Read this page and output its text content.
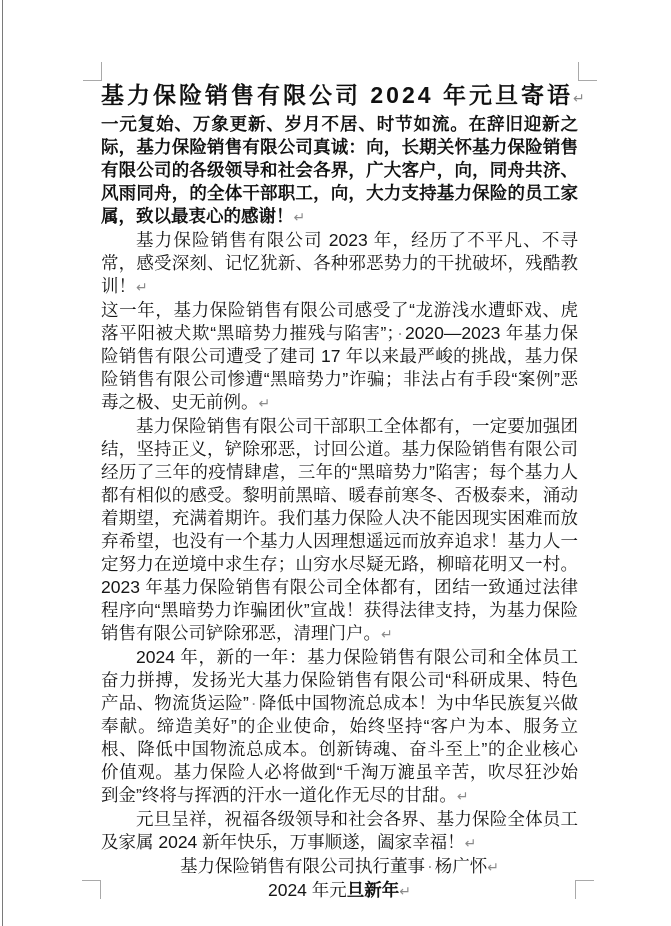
基力保险销售有限公司 2024 年元旦寄语↵

一元复始、万象更新、岁月不居、时节如流。在辞旧迎新之际，基力保险销售有限公司真诚：向，长期关怀基力保险销售有限公司的各级领导和社会各界，广大客户，向，同舟共济、风雨同舟，的全体干部职工，向，大力支持基力保险的员工家属，致以最衷心的感谢！↵

基力保险销售有限公司 2023 年，经历了不平凡、不寻常，感受深刻、记忆犹新、各种邪恶势力的干扰破坏，残酷教训！↵

这一年，基力保险销售有限公司感受了“龙游浅水遭虾戏、虎落平阳被犬欺“黑暗势力摧残与陷害”； · 2020—2023 年基力保险销售有限公司遭受了建司 17 年以来最严峻的挑战，基力保险销售有限公司惨遭“黑暗势力”诈骗；非法占有手段“案例”恶毒之极、史无前例。↵

基力保险销售有限公司干部职工全体都有，一定要加强团结，坚持正义，铲除邪恶，讨回公道。基力保险销售有限公司经历了三年的疫情肆虐，三年的“黑暗势力”陷害；每个基力人都有相似的感受。黎明前黑暗、暖春前寒冬、否极泰来，涌动着期望，充满着期许。我们基力保险人决不能因现实困难而放弃希望，也没有一个基力人因理想遥远而放弃追求！基力人一定努力在逆境中求生存；山穷水尽疑无路，柳暗花明又一村。2023 年基力保险销售有限公司全体都有，团结一致通过法律程序向“黑暗势力诈骗团伙”宣战！获得法律支持，为基力保险销售有限公司铲除邪恶，清理门户。↵

2024 年，新的一年：基力保险销售有限公司和全体员工奋力拼搏，发扬光大基力保险销售有限公司“科研成果、特色产品、物流货运险” · 降低中国物流总成本！为中华民族复兴做奉献。缔造美好”的企业使命，始终坚持“客户为本、服务立根、降低中国物流总成本。创新铸魂、奋斗至上”的企业核心价值观。基力保险人必将做到“千淘万漉虽辛苦，吹尽狂沙始到金”终将与挥洒的汗水一道化作无尽的甘甜。↵

元旦呈祥，祝福各级领导和社会各界、基力保险全体员工及家属 2024 新年快乐，万事顺遂，阖家幸福！↵

基力保险销售有限公司执行董事 · 杨广怀↵

2024 年元旦新年↵
